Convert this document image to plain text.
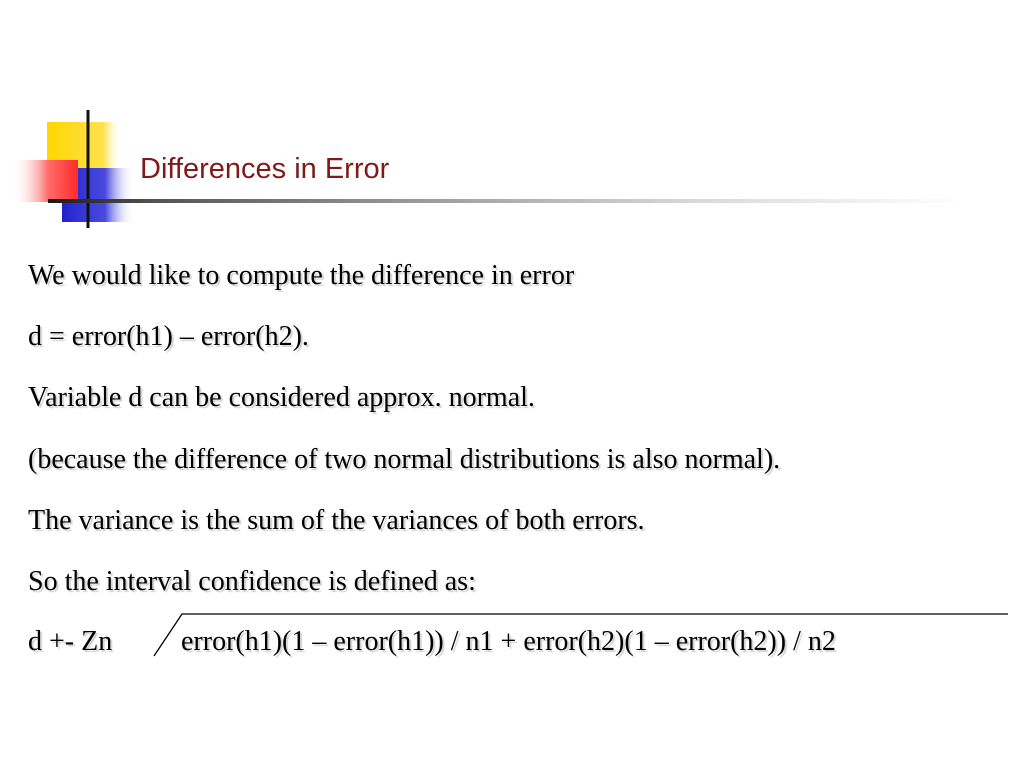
Differences in Error
We would like to compute the difference in error
d = error(h1) – error(h2).
Variable d can be considered approx. normal.
(because the difference of two normal distributions is also normal).
The variance is the sum of the variances of both errors.
So the interval confidence is defined as:
d +- Zn error(h1)(1 – error(h1)) / n1 + error(h2)(1 – error(h2)) / n2
